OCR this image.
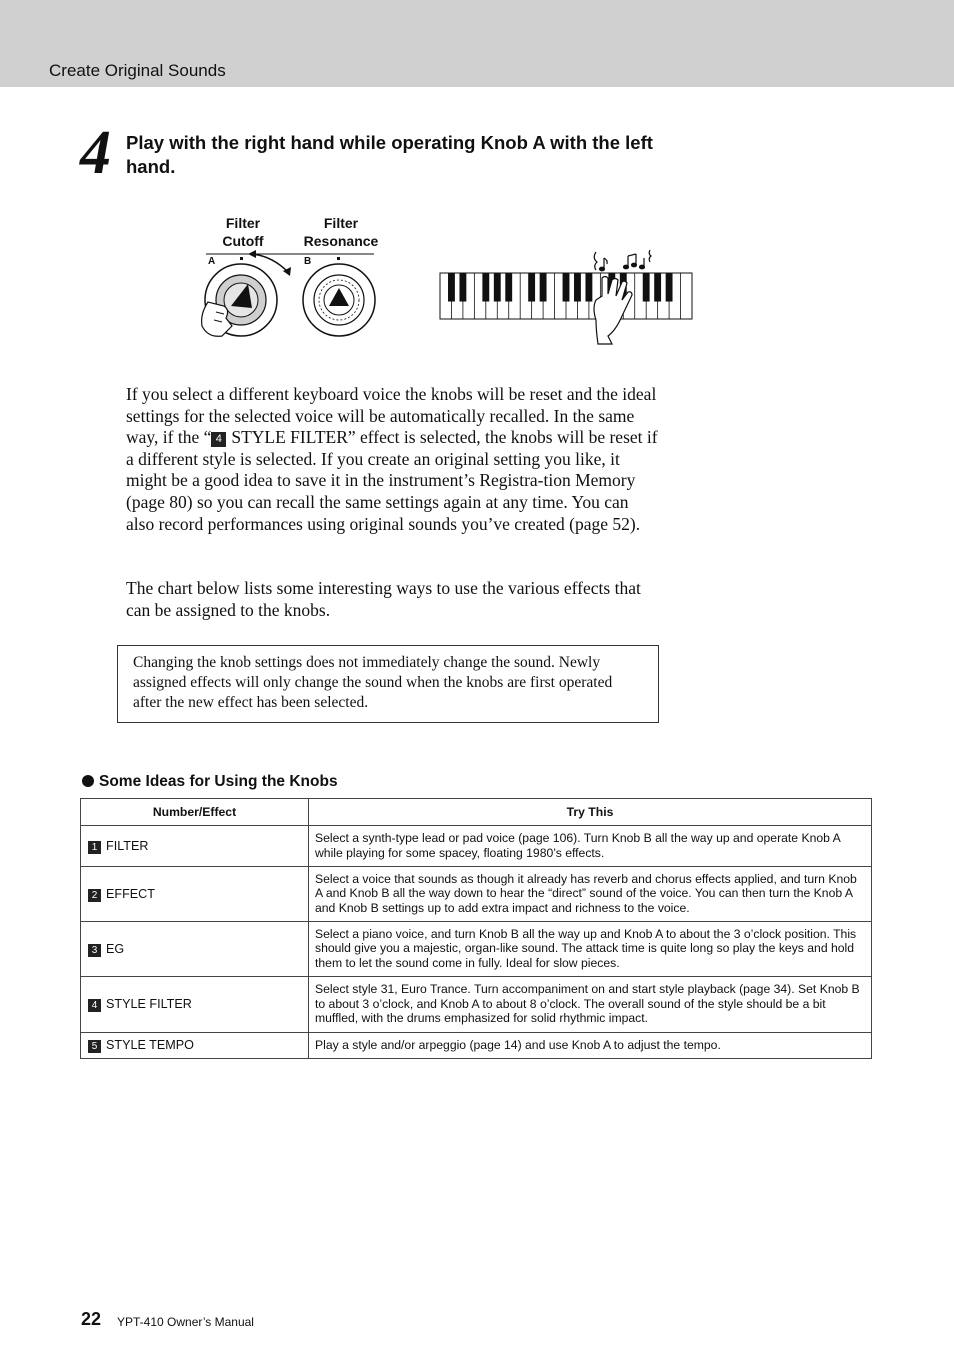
Create Original Sounds
4 Play with the right hand while operating Knob A with the left hand.
Filter
Cutoff
Filter
Resonance
A	B
If you select a different keyboard voice the knobs will be reset and the ideal settings for the selected voice will be automatically recalled. In the same way, if the “ 4 STYLE FILTER” effect is selected, the knobs will be reset if a different style is selected. If you create an original setting you like, it might be a good idea to save it in the instrument’s Registra-tion Memory (page 80) so you can recall the same settings again at any time. You can also record performances using original sounds you’ve created (page 52).
The chart below lists some interesting ways to use the various effects that can be assigned to the knobs.
Changing the knob settings does not immediately change the sound. Newly assigned effects will only change the sound when the knobs are first operated after the new effect has been selected.
Some Ideas for Using the Knobs
Number/Effect	Try This
1 FILTER	Select a synth-type lead or pad voice (page 106). Turn Knob B all the way up and operate Knob A while playing for some spacey, floating 1980’s effects.
2 EFFECT	Select a voice that sounds as though it already has reverb and chorus effects applied, and turn Knob A and Knob B all the way down to hear the “direct” sound of the voice. You can then turn the Knob A and Knob B settings up to add extra impact and richness to the voice.
3 EG	Select a piano voice, and turn Knob B all the way up and Knob A to about the 3 o’clock position. This should give you a majestic, organ-like sound. The attack time is quite long so play the keys and hold them to let the sound come in fully. Ideal for slow pieces.
4 STYLE FILTER	Select style 31, Euro Trance. Turn accompaniment on and start style playback (page 34). Set Knob B to about 3 o’clock, and Knob A to about 8 o’clock. The overall sound of the style should be a bit muffled, with the drums emphasized for solid rhythmic impact.
5 STYLE TEMPO	Play a style and/or arpeggio (page 14) and use Knob A to adjust the tempo.
22 YPT-410 Owner’s Manual
